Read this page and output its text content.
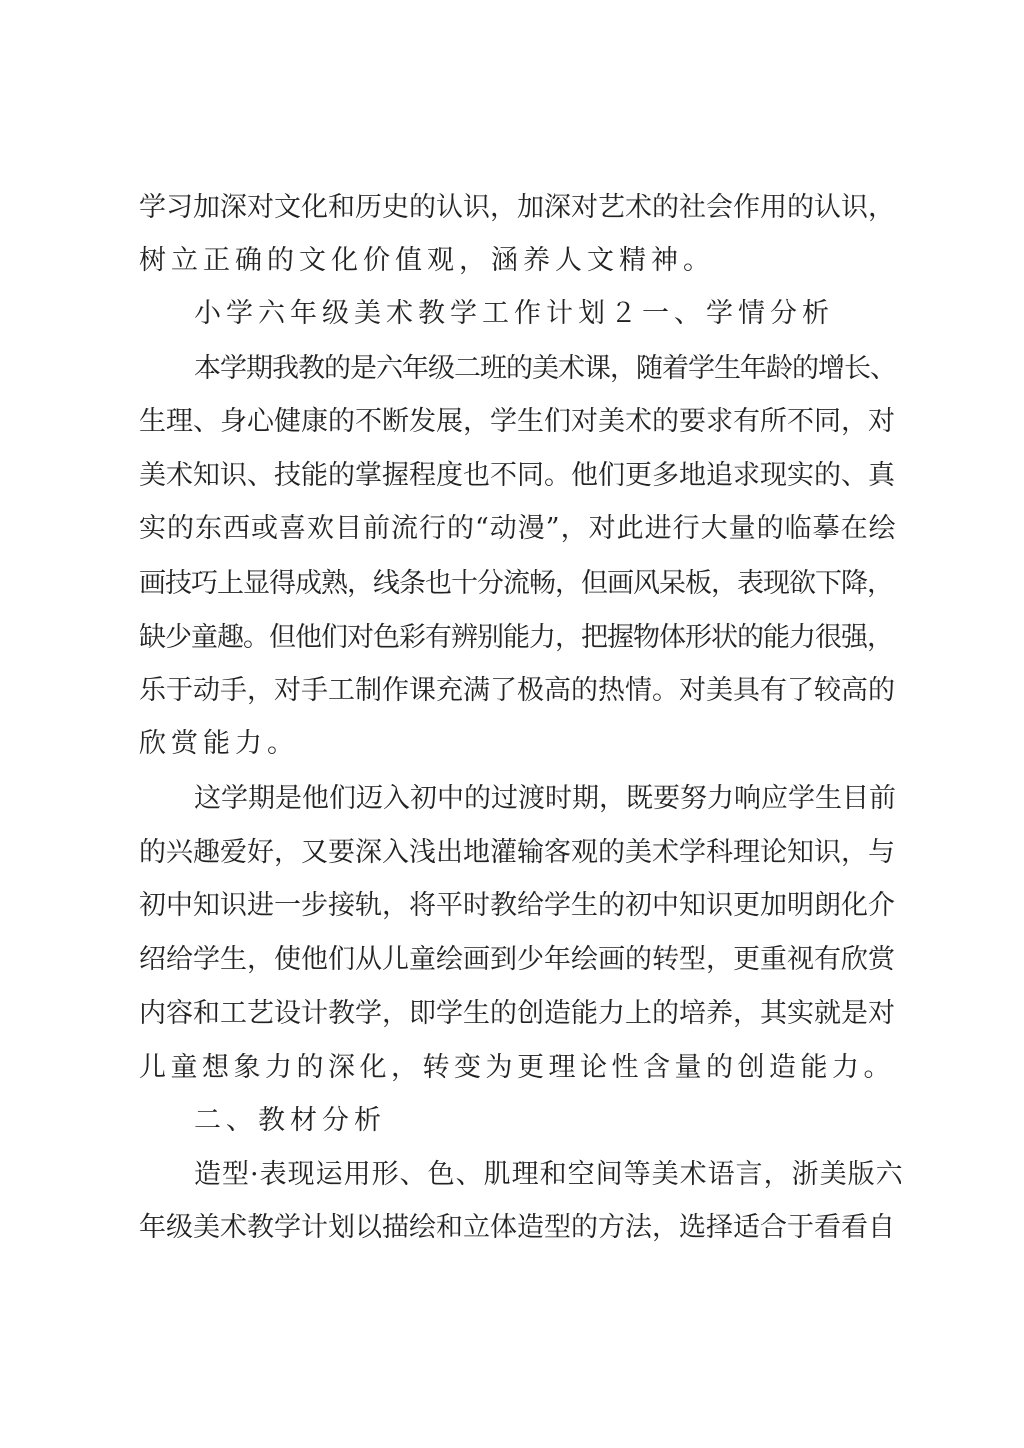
学习加深对文化和历史的认识，加深对艺术的社会作用的认识，
树立正确的文化价值观，涵养人文精神。
小学六年级美术教学工作计划２一、学情分析
本学期我教的是六年级二班的美术课，随着学生年龄的增长、
生理、身心健康的不断发展，学生们对美术的要求有所不同，对
美术知识、技能的掌握程度也不同。他们更多地追求现实的、真
实的东西或喜欢目前流行的“动漫”，对此进行大量的临摹在绘
画技巧上显得成熟，线条也十分流畅，但画风呆板，表现欲下降，
缺少童趣。但他们对色彩有辨别能力，把握物体形状的能力很强，
乐于动手，对手工制作课充满了极高的热情。对美具有了较高的
欣赏能力。
这学期是他们迈入初中的过渡时期，既要努力响应学生目前
的兴趣爱好，又要深入浅出地灌输客观的美术学科理论知识，与
初中知识进一步接轨，将平时教给学生的初中知识更加明朗化介
绍给学生，使他们从儿童绘画到少年绘画的转型，更重视有欣赏
内容和工艺设计教学，即学生的创造能力上的培养，其实就是对
儿童想象力的深化，转变为更理论性含量的创造能力。
二、教材分析
造型·表现运用形、色、肌理和空间等美术语言，浙美版六
年级美术教学计划以描绘和立体造型的方法，选择适合于看看自
